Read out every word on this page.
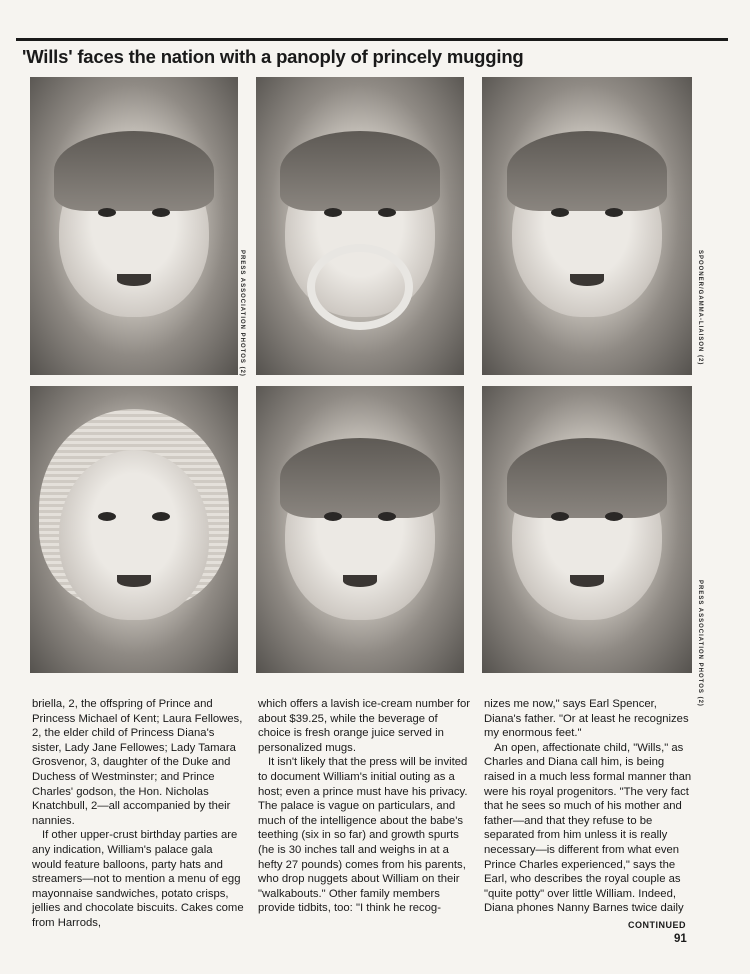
'Wills' faces the nation with a panoply of princely mugging
PRESS ASSOCIATION PHOTOS (2)	SPOONER/GAMMA-LIAISON (2)
PRESS ASSOCIATION PHOTOS (2)

briella, 2, the offspring of Prince and Princess Michael of Kent; Laura Fellowes, 2, the elder child of Princess Diana's sister, Lady Jane Fellowes; Lady Tamara Grosvenor, 3, daughter of the Duke and Duchess of Westminster; and Prince Charles' godson, the Hon. Nicholas Knatchbull, 2—all accompanied by their nannies.

If other upper-crust birthday parties are any indication, William's palace gala would feature balloons, party hats and streamers—not to mention a menu of egg mayonnaise sandwiches, potato crisps, jellies and chocolate biscuits. Cakes come from Harrods,

which offers a lavish ice-cream number for about $39.25, while the beverage of choice is fresh orange juice served in personalized mugs.

It isn't likely that the press will be invited to document William's initial outing as a host; even a prince must have his privacy. The palace is vague on particulars, and much of the intelligence about the babe's teething (six in so far) and growth spurts (he is 30 inches tall and weighs in at a hefty 27 pounds) comes from his parents, who drop nuggets about William on their "walkabouts." Other family members provide tidbits, too: "I think he recog-

nizes me now," says Earl Spencer, Diana's father. "Or at least he recognizes my enormous feet."

An open, affectionate child, "Wills," as Charles and Diana call him, is being raised in a much less formal manner than were his royal progenitors. "The very fact that he sees so much of his mother and father—and that they refuse to be separated from him unless it is really necessary—is different from what even Prince Charles experienced," says the Earl, who describes the royal couple as "quite potty" over little William. Indeed, Diana phones Nanny Barnes twice daily

CONTINUED
91
